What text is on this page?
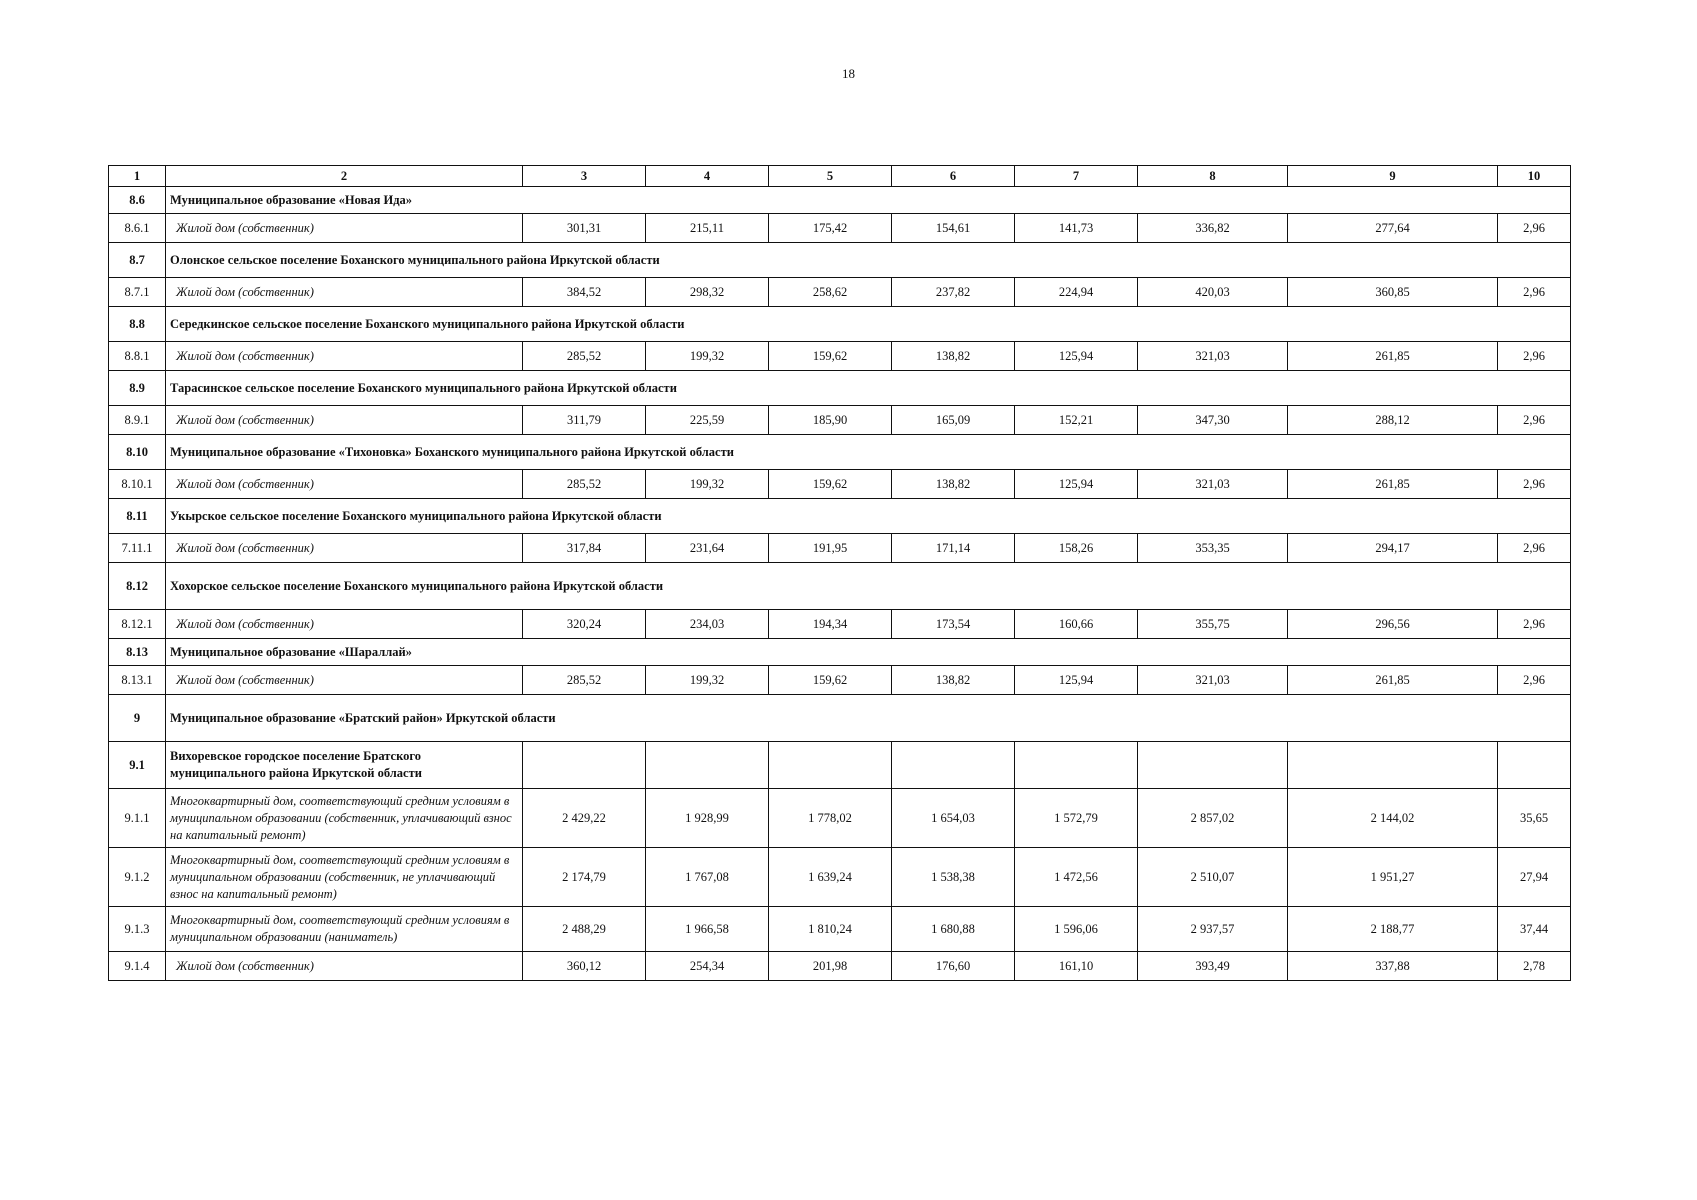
18
1	2	3	4	5	6	7	8	9	10
8.6	Муниципальное образование «Новая Ида»								
8.6.1	Жилой дом (собственник)	301,31	215,11	175,42	154,61	141,73	336,82	277,64	2,96
8.7	Олонское сельское поселение Боханского муниципального района Иркутской области								
8.7.1	Жилой дом (собственник)	384,52	298,32	258,62	237,82	224,94	420,03	360,85	2,96
8.8	Середкинское сельское поселение Боханского муниципального района Иркутской области								
8.8.1	Жилой дом (собственник)	285,52	199,32	159,62	138,82	125,94	321,03	261,85	2,96
8.9	Тарасинское сельское поселение Боханского муниципального района Иркутской области								
8.9.1	Жилой дом (собственник)	311,79	225,59	185,90	165,09	152,21	347,30	288,12	2,96
8.10	Муниципальное образование «Тихоновка» Боханского муниципального района Иркутской области								
8.10.1	Жилой дом (собственник)	285,52	199,32	159,62	138,82	125,94	321,03	261,85	2,96
8.11	Укырское сельское поселение Боханского муниципального района Иркутской области								
7.11.1	Жилой дом (собственник)	317,84	231,64	191,95	171,14	158,26	353,35	294,17	2,96
8.12	Хохорское сельское поселение Боханского муниципального района Иркутской области								
8.12.1	Жилой дом (собственник)	320,24	234,03	194,34	173,54	160,66	355,75	296,56	2,96
8.13	Муниципальное образование «Шараллай»								
8.13.1	Жилой дом (собственник)	285,52	199,32	159,62	138,82	125,94	321,03	261,85	2,96
9	Муниципальное образование «Братский район» Иркутской области								
9.1	Вихоревское городское поселение Братского муниципального района Иркутской области								
9.1.1	Многоквартирный дом, соответствующий средним условиям в муниципальном образовании (собственник, уплачивающий взнос на капитальный ремонт)	2 429,22	1 928,99	1 778,02	1 654,03	1 572,79	2 857,02	2 144,02	35,65
9.1.2	Многоквартирный дом, соответствующий средним условиям в муниципальном образовании (собственник, не уплачивающий взнос на капитальный ремонт)	2 174,79	1 767,08	1 639,24	1 538,38	1 472,56	2 510,07	1 951,27	27,94
9.1.3	Многоквартирный дом, соответствующий средним условиям в муниципальном образовании (наниматель)	2 488,29	1 966,58	1 810,24	1 680,88	1 596,06	2 937,57	2 188,77	37,44
9.1.4	Жилой дом (собственник)	360,12	254,34	201,98	176,60	161,10	393,49	337,88	2,78
